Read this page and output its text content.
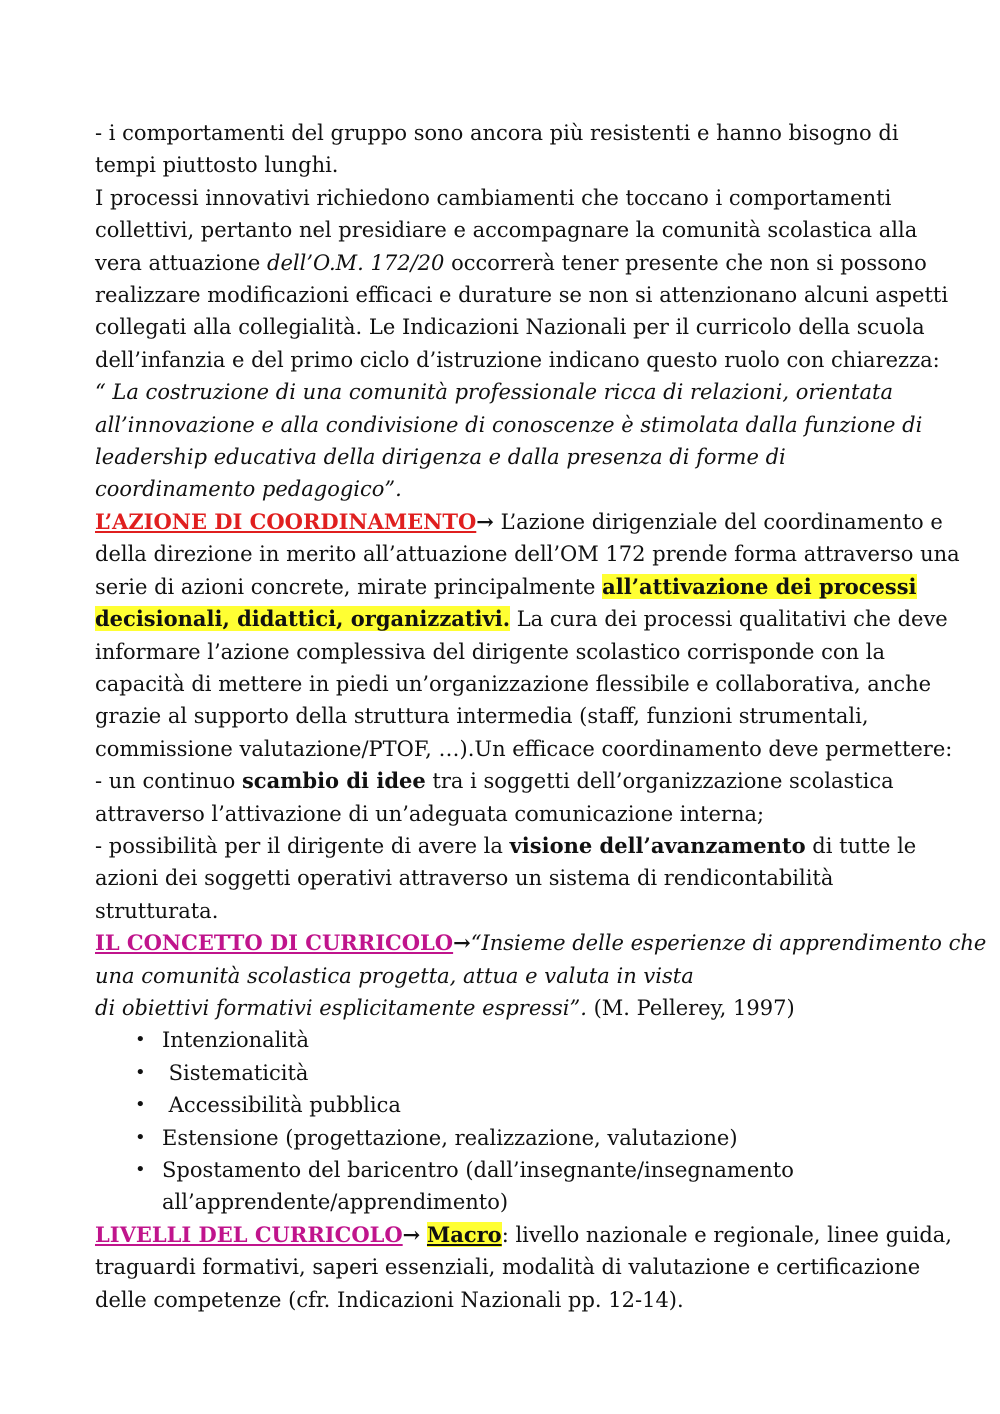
- i comportamenti del gruppo sono ancora più resistenti e hanno bisogno di
tempi piuttosto lunghi.
I processi innovativi richiedono cambiamenti che toccano i comportamenti
collettivi, pertanto nel presidiare e accompagnare la comunità scolastica alla
vera attuazione dell’O.M. 172/20 occorrerà tener presente che non si possono
realizzare modificazioni efficaci e durature se non si attenzionano alcuni aspetti
collegati alla collegialità. Le Indicazioni Nazionali per il curricolo della scuola
dell’infanzia e del primo ciclo d’istruzione indicano questo ruolo con chiarezza:
“ La costruzione di una comunità professionale ricca di relazioni, orientata
all’innovazione e alla condivisione di conoscenze è stimolata dalla funzione di
leadership educativa della dirigenza e dalla presenza di forme di
coordinamento pedagogico”.
L’AZIONE DI COORDINAMENTO→ L’azione dirigenziale del coordinamento e
della direzione in merito all’attuazione dell’OM 172 prende forma attraverso una
serie di azioni concrete, mirate principalmente all’attivazione dei processi
decisionali, didattici, organizzativi. La cura dei processi qualitativi che deve
informare l’azione complessiva del dirigente scolastico corrisponde con la
capacità di mettere in piedi un’organizzazione flessibile e collaborativa, anche
grazie al supporto della struttura intermedia (staff, funzioni strumentali,
commissione valutazione/PTOF, …).Un efficace coordinamento deve permettere:
- un continuo scambio di idee tra i soggetti dell’organizzazione scolastica
attraverso l’attivazione di un’adeguata comunicazione interna;
- possibilità per il dirigente di avere la visione dell’avanzamento di tutte le
azioni dei soggetti operativi attraverso un sistema di rendicontabilità
strutturata.
IL CONCETTO DI CURRICOLO→“Insieme delle esperienze di apprendimento che
una comunità scolastica progetta, attua e valuta in vista
di obiettivi formativi esplicitamente espressi”. (M. Pellerey, 1997)
• Intenzionalità
• Sistematicità
• Accessibilità pubblica
• Estensione (progettazione, realizzazione, valutazione)
• Spostamento del baricentro (dall’insegnante/insegnamento
all’apprendente/apprendimento)
LIVELLI DEL CURRICOLO→ Macro: livello nazionale e regionale, linee guida,
traguardi formativi, saperi essenziali, modalità di valutazione e certificazione
delle competenze (cfr. Indicazioni Nazionali pp. 12-14).
